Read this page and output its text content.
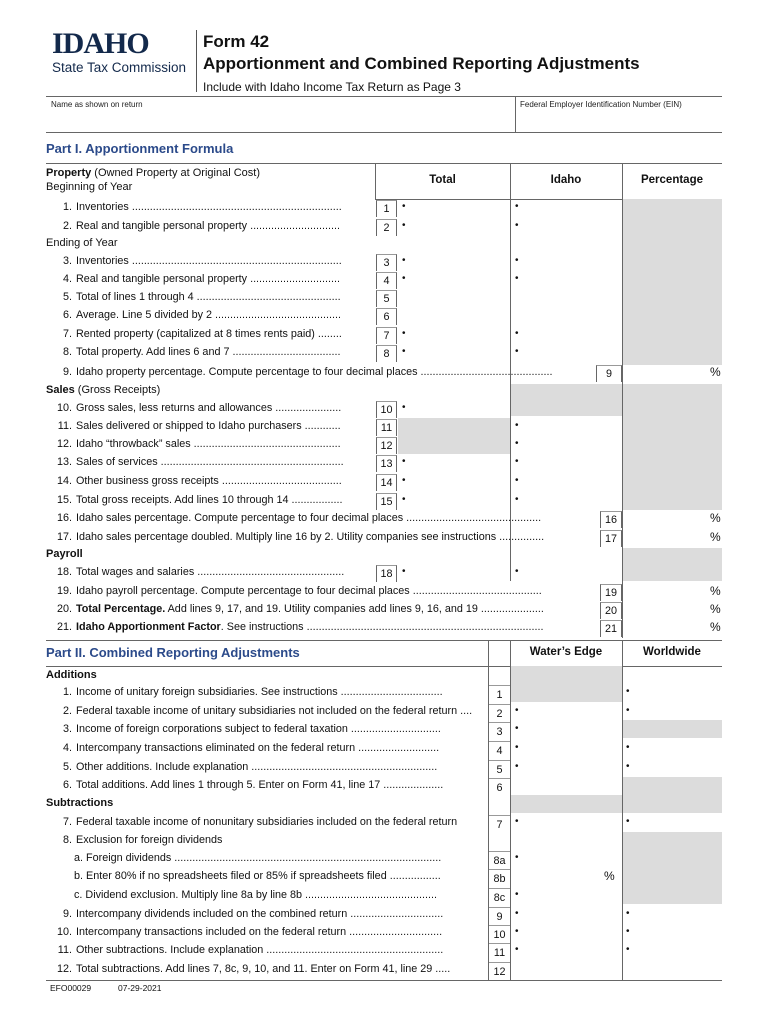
IDAHO
State Tax Commission
Form 42
Apportionment and Combined Reporting Adjustments
Include with Idaho Income Tax Return as Page 3
Name as shown on return	Federal Employer Identification Number (EIN)
Part I. Apportionment Formula
Property (Owned Property at Original Cost)
Beginning of Year
Ending of Year
Sales (Gross Receipts)
Payroll
Total	Idaho	Percentage
1. Inventories ......................................................................	1	•	•
2. Real and tangible personal property ..............................	2	•	•
3. Inventories ......................................................................	3	•	•
4. Real and tangible personal property ..............................	4	•	•
5. Total of lines 1 through 4 ................................................	5
6. Average. Line 5 divided by 2 ..........................................	6
7. Rented property (capitalized at 8 times rents paid) ........	7	•	•
8. Total property. Add lines 6 and 7 ....................................	8	•	•
9. Idaho property percentage. Compute percentage to four decimal places ............................................	9	%
10. Gross sales, less returns and allowances ......................	10 •
11. Sales delivered or shipped to Idaho purchasers ............	11	•
12. Idaho “throwback” sales .................................................	12	•
13. Sales of services .............................................................	13 •	•
14. Other business gross receipts ........................................	14 •	•
15. Total gross receipts. Add lines 10 through 14 .................	15 •	•
16. Idaho sales percentage. Compute percentage to four decimal places .............................................	16	%
17. Idaho sales percentage doubled. Multiply line 16 by 2. Utility companies see instructions ...............	17	%
18. Total wages and salaries .................................................	18 •	•
19. Idaho payroll percentage. Compute percentage to four decimal places ...........................................	19	%
20. Total Percentage. Add lines 9, 17, and 19. Utility companies add lines 9, 16, and 19 .....................	20	%
21. Idaho Apportionment Factor. See instructions ...............................................................................	21	%
Part II. Combined Reporting Adjustments	Water’s Edge	Worldwide
Additions
Subtractions
1. Income of unitary foreign subsidiaries. See instructions ..................................	1	•
2. Federal taxable income of unitary subsidiaries not included on the federal return ....	2	•	•
3. Income of foreign corporations subject to federal taxation ..............................	3	•
4. Intercompany transactions eliminated on the federal return ...........................	4	•	•
5. Other additions. Include explanation ..............................................................	5	•	•
6. Total additions. Add lines 1 through 5. Enter on Form 41, line 17 ....................	6
7. Federal taxable income of nonunitary subsidiaries included on the federal return	7	•	•
8. Exclusion for foreign dividends
a. Foreign dividends .........................................................................................	8a •
b. Enter 80% if no spreadsheets filed or 85% if spreadsheets filed .................	8b	%
c. Dividend exclusion. Multiply line 8a by line 8b ............................................	8c •
9. Intercompany dividends included on the combined return ...............................	9	•	•
10. Intercompany transactions included on the federal return ...............................	10 •	•
11. Other subtractions. Include explanation ...........................................................	11 •	•
12. Total subtractions. Add lines 7, 8c, 9, 10, and 11. Enter on Form 41, line 29 .....	12
EFO00029	07-29-2021
